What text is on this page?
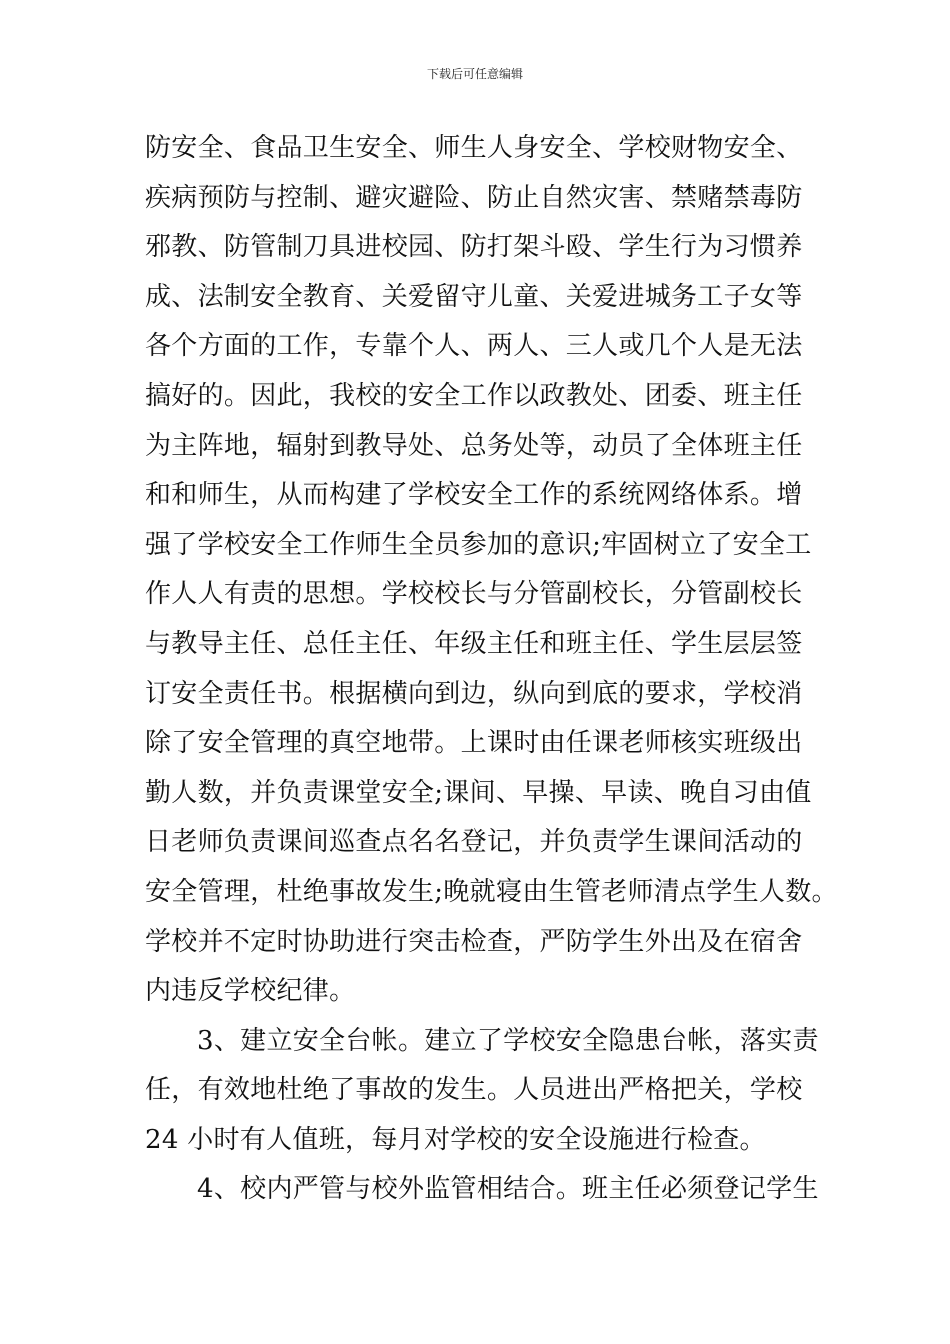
下载后可任意编辑
防安全、食品卫生安全、师生人身安全、学校财物安全、
疾病预防与控制、避灾避险、防止自然灾害、禁赌禁毒防
邪教、防管制刀具进校园、防打架斗殴、学生行为习惯养
成、法制安全教育、关爱留守儿童、关爱进城务工子女等
各个方面的工作，专靠个人、两人、三人或几个人是无法
搞好的。因此，我校的安全工作以政教处、团委、班主任
为主阵地，辐射到教导处、总务处等，动员了全体班主任
和和师生，从而构建了学校安全工作的系统网络体系。增
强了学校安全工作师生全员参加的意识;牢固树立了安全工
作人人有责的思想。学校校长与分管副校长，分管副校长
与教导主任、总任主任、年级主任和班主任、学生层层签
订安全责任书。根据横向到边，纵向到底的要求，学校消
除了安全管理的真空地带。上课时由任课老师核实班级出
勤人数，并负责课堂安全;课间、早操、早读、晚自习由值
日老师负责课间巡查点名名登记，并负责学生课间活动的
安全管理，杜绝事故发生;晚就寝由生管老师清点学生人数。
学校并不定时协助进行突击检查，严防学生外出及在宿舍
内违反学校纪律。
3、建立安全台帐。建立了学校安全隐患台帐，落实责
任，有效地杜绝了事故的发生。人员进出严格把关，学校
24 小时有人值班，每月对学校的安全设施进行检查。
4、校内严管与校外监管相结合。班主任必须登记学生
